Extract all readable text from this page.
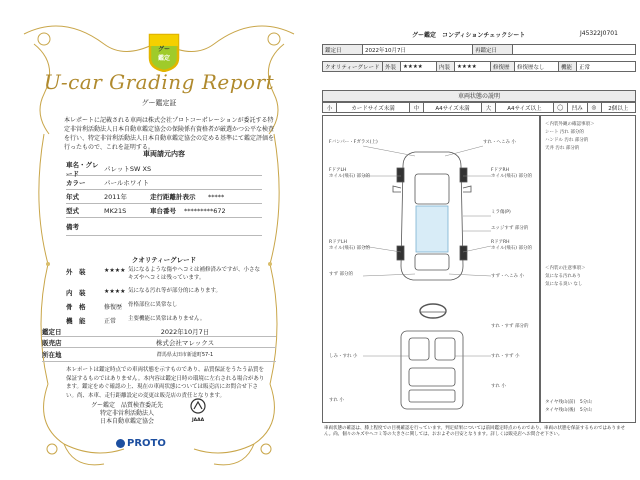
グー
鑑定
U-car Grading Report
グー鑑定証
本レポートに記載される車両は株式会社プロトコーポレーションが委託する特定非営利活動法人日本自動車鑑定協会の保険係有資格者が厳選かつ公平な検査を行い、特定非営利活動法人日本自動車鑑定協会の定める基準にて鑑定評価を行ったもので、これを証明する。
車両請元内容
車名・グレード
パレットSW XS
カラー	パールホワイト
年式	2011年	走行距離計表示	*****
型式	MK21S	車台番号	*********672
備考
クオリティーグレード
外　装	★★★★ 気になるような傷やヘコミは補修済みですが、小さなキズやヘコミは残っています。
内　装	★★★★ 気になる汚れ等が部分的にあります。
骨　格	修復歴	骨格部位に異常なし
機　能	正常	主要機能に異常はありません。
鑑定日	2022年10月7日
販売店	株式会社マレックス
所在地	群馬県太田市新道町57-1
本レポートは鑑定時点での車両状態を示すものであり、品質保証をうたう品質を保証するものではありません。本内容は鑑定日時の環境に左右される場合があります。鑑定をめぐ確認の上、現在の車両状態については販売店にお問合せ下さい。尚、本車、走行距離設定の変更は販売店の責任となります。
グー鑑定　品質検査委託先
特定非営利活動法人
日本自動車鑑定協会	JAAA
PROTO
グー鑑定　コンディションチェックシート	J45322J0701
鑑定日	2022年10月7日	再鑑定日	
クオリティーグレード	外装	★★★★	内装	★★★★	修復歴	修復歴なし	機能	正常
車両状態の説明
小	カードサイズ未満	中	A4サイズ未満	大	A4サイズ以上	◯	凹み	◎	2個以上
Fバンパー・Fガラス(上)	すれ・へこみ 小
FドアLH
ホイル(飛石) 部分的
FドアRH
ホイル(飛石) 部分的
ミラ傷(P)
エッジすず 部分的
RドアLH
ホイル(飛石) 部分的
RドアRH
ホイル(飛石) 部分的
すず 部分的	すず・へこみ 小
すれ・すず 部分的
しみ・すれ 小	すれ・すず 小
すれ 小
すれ 小
＜内装外観の確認事項＞
シート 汚れ 部分的
ハンドル 汚れ 部分的
天井 汚れ 部分的
＜内装の注意事項＞
気になる汚れあり
気になる臭い なし
タイヤ残山(前)　5分山
タイヤ残山(後)　5分山
車両状態の確認は、膝上程度での目視確認を行っています。判定結果については前回鑑定時点のものであり、車両の状態を保証するものではありません。尚、個々のキズやヘコミ等の大きさに関しては、おおよその目安となります。詳しくは販売店へお問合せ下さい。
